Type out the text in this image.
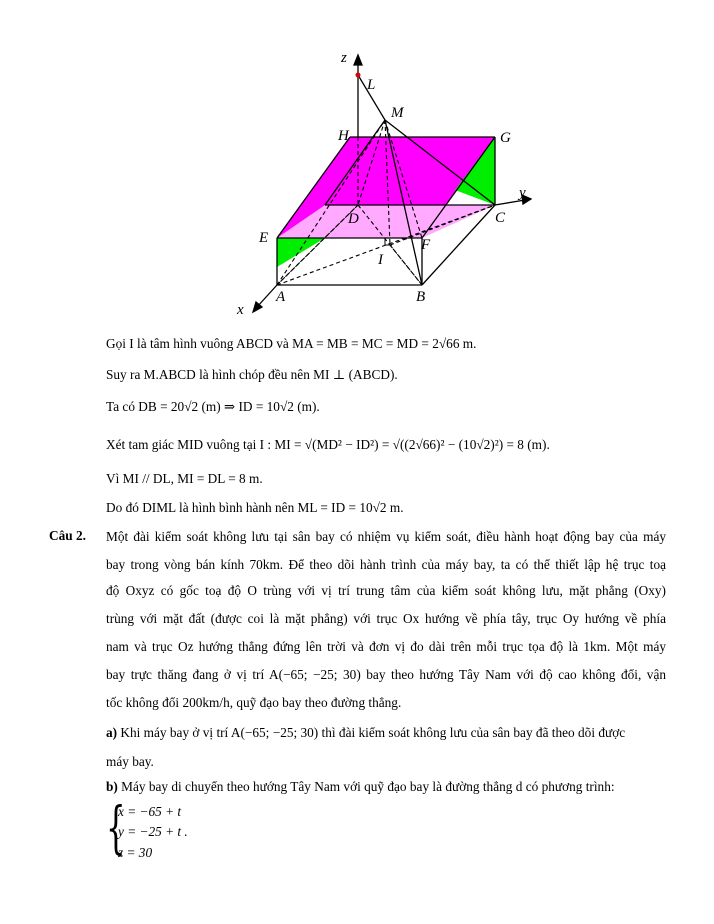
z
L
M
H	G
y
C
D
E	F
I
x
A	B
Gọi I là tâm hình vuông ABCD và MA = MB = MC = MD = 2√66 m.
Suy ra M.ABCD là hình chóp đều nên MI ⊥ (ABCD).
Ta có DB = 20√2 (m) ⇒ ID = 10√2 (m).
Xét tam giác MID vuông tại I : MI = √(MD² − ID²) = √((2√66)² − (10√2)²) = 8 (m).
Vì MI // DL, MI = DL = 8 m.
Do đó DIML là hình bình hành nên ML = ID = 10√2 m.
Câu 2. Một đài kiểm soát không lưu tại sân bay có nhiệm vụ kiểm soát, điều hành hoạt động bay của máy
bay trong vòng bán kính 70km. Để theo dõi hành trình của máy bay, ta có thể thiết lập hệ trục toạ
độ Oxyz có gốc toạ độ O trùng với vị trí trung tâm của kiểm soát không lưu, mặt phẳng (Oxy)
trùng với mặt đất (được coi là mặt phẳng) với trục Ox hướng về phía tây, trục Oy hướng về phía
nam và trục Oz hướng thẳng đứng lên trời và đơn vị đo dài trên mỗi trục tọa độ là 1km. Một máy
bay trực thăng đang ở vị trí A(−65; −25; 30) bay theo hướng Tây Nam với độ cao không đổi, vận
tốc không đổi 200km/h, quỹ đạo bay theo đường thẳng.
a) Khi máy bay ở vị trí A(−65; −25; 30) thì đài kiểm soát không lưu của sân bay đã theo dõi được
máy bay.
b) Máy bay di chuyển theo hướng Tây Nam với quỹ đạo bay là đường thẳng d có phương trình:
{
x = −65 + t
y = −25 + t .
z = 30
